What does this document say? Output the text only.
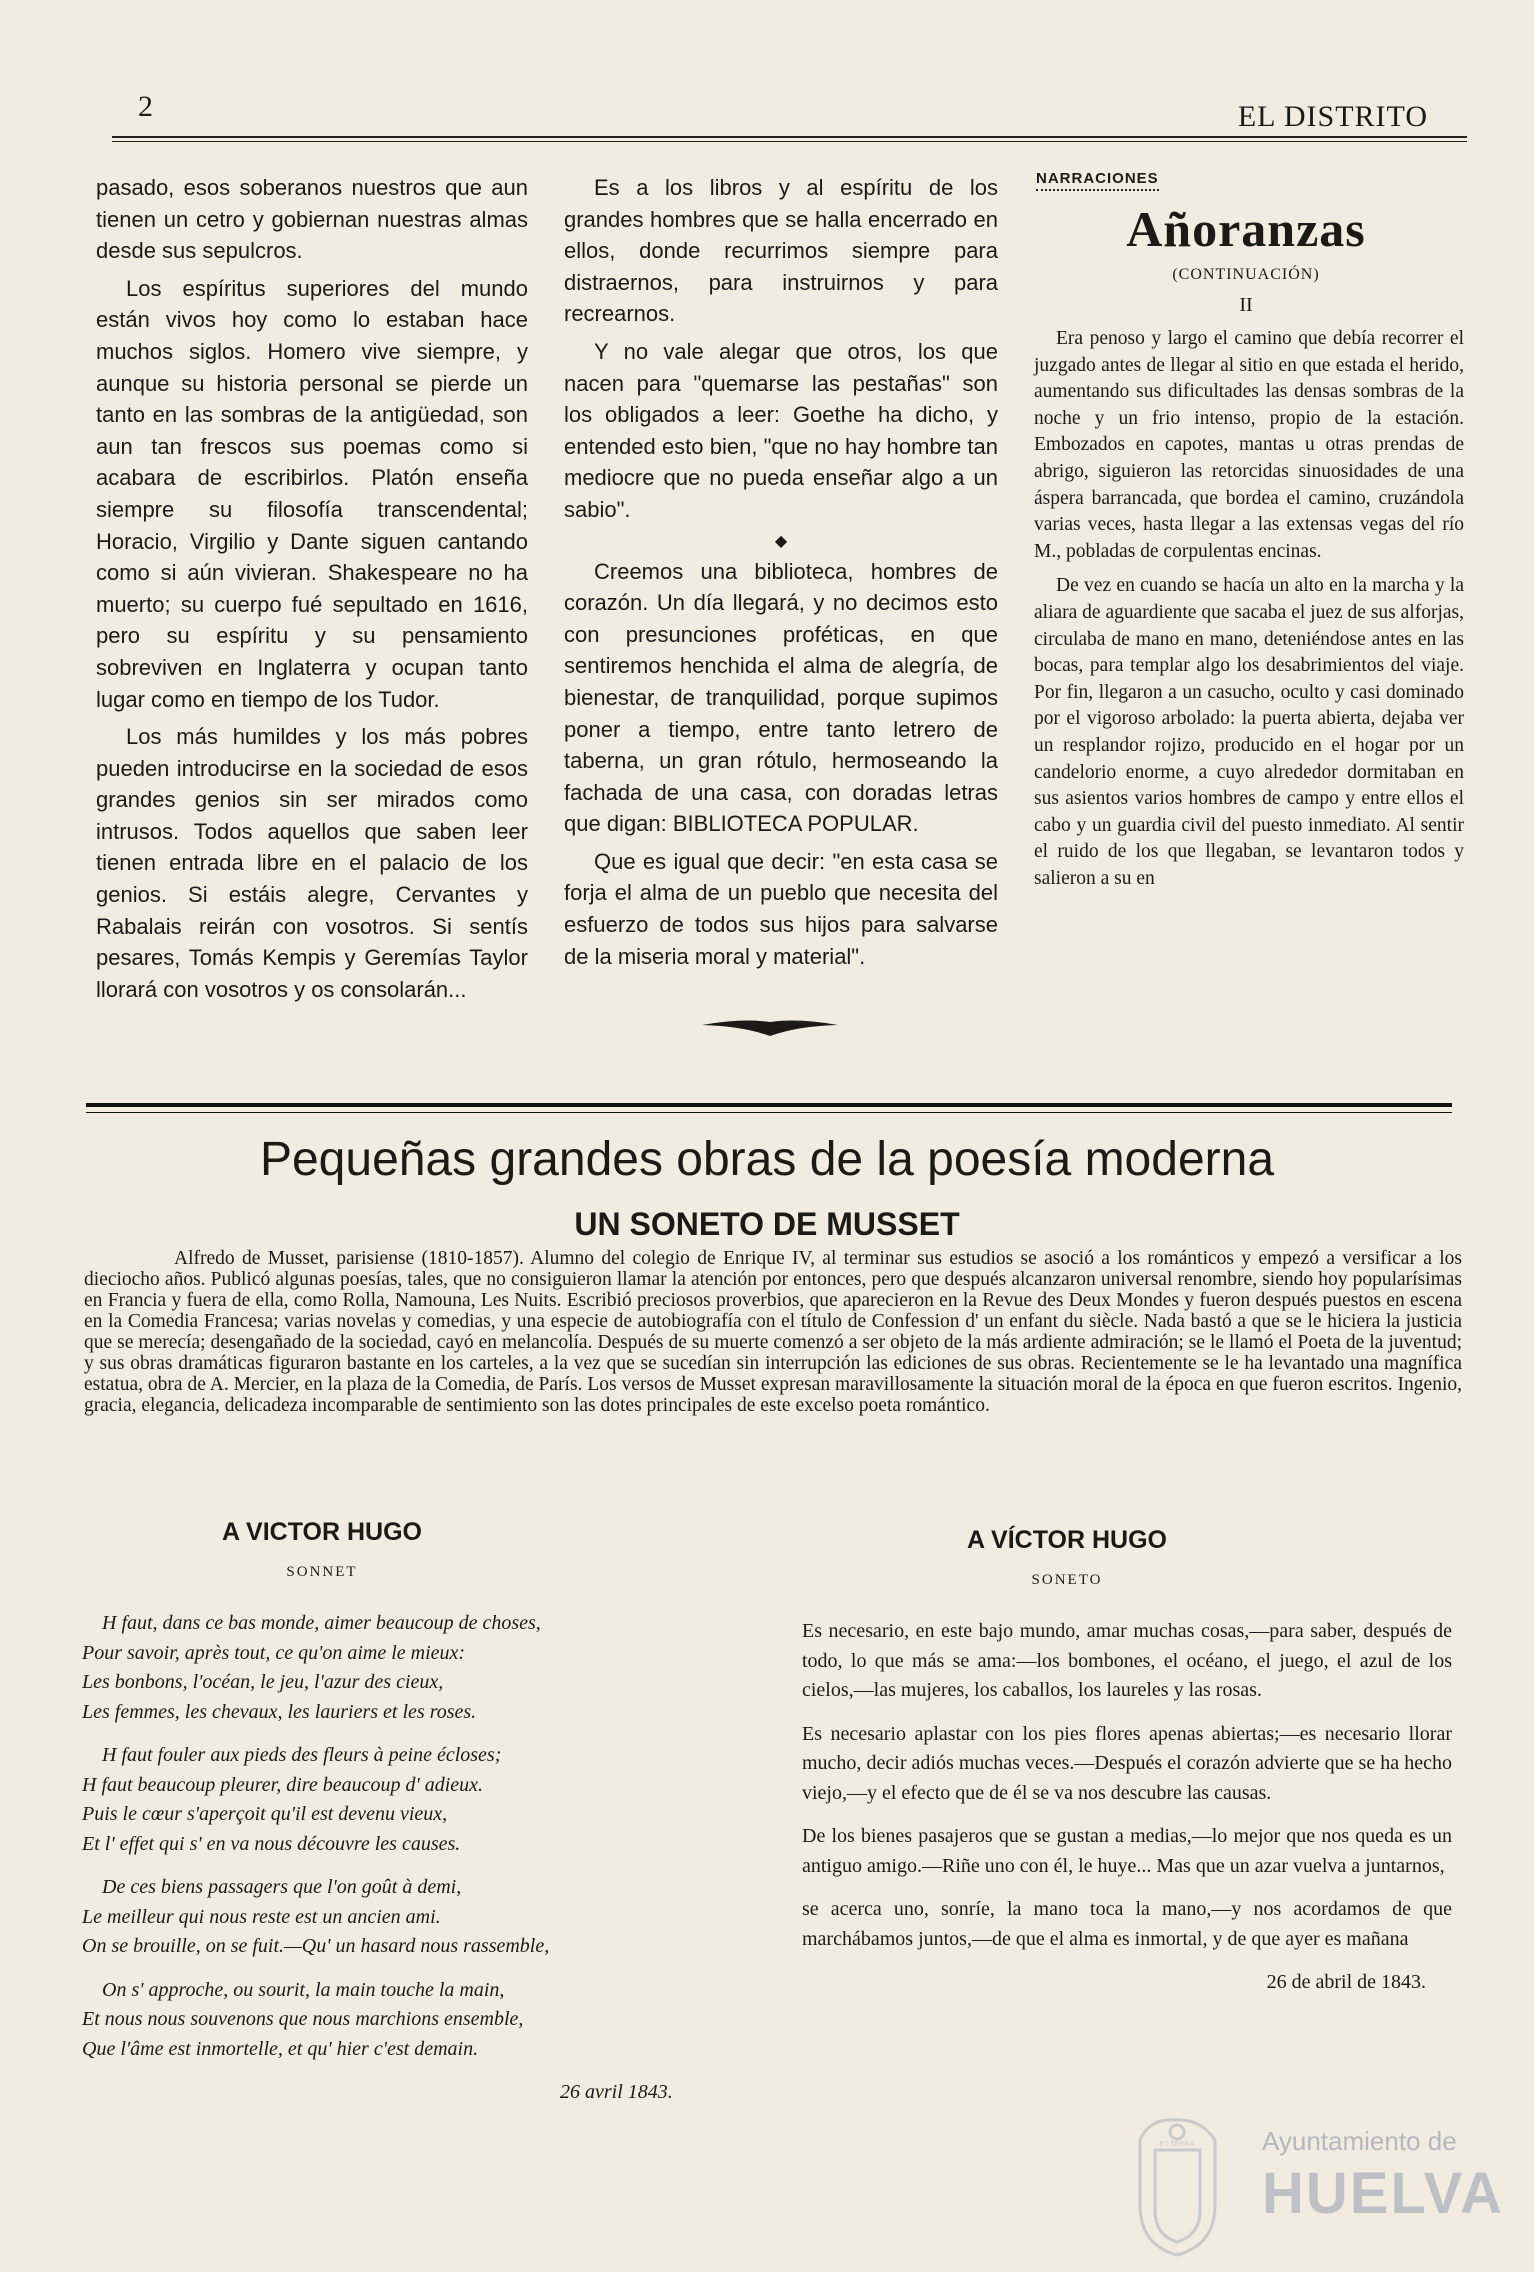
2	EL DISTRITO

pasado, esos soberanos nuestros que aun tienen un cetro y gobiernan nuestras almas desde sus sepulcros.

Los espíritus superiores del mundo están vivos hoy como lo estaban hace muchos siglos. Homero vive siempre, y aunque su historia personal se pierde un tanto en las sombras de la antigüedad, son aun tan frescos sus poemas como si acabara de escribirlos. Platón enseña siempre su filosofía transcendental; Horacio, Virgilio y Dante siguen cantando como si aún vivieran. Shakespeare no ha muerto; su cuerpo fué sepultado en 1616, pero su espíritu y su pensamiento sobreviven en Inglaterra y ocupan tanto lugar como en tiempo de los Tudor.

Los más humildes y los más pobres pueden introducirse en la sociedad de esos grandes genios sin ser mirados como intrusos. Todos aquellos que saben leer tienen entrada libre en el palacio de los genios. Si estáis alegre, Cervantes y Rabalais reirán con vosotros. Si sentís pesares, Tomás Kempis y Geremías Taylor llorará con vosotros y os consolarán...

Es a los libros y al espíritu de los grandes hombres que se halla encerrado en ellos, donde recurrimos siempre para distraernos, para instruirnos y para recrearnos.

Y no vale alegar que otros, los que nacen para "quemarse las pestañas" son los obligados a leer: Goethe ha dicho, y entended esto bien, "que no hay hombre tan mediocre que no pueda enseñar algo a un sabio".

◆

Creemos una biblioteca, hombres de corazón. Un día llegará, y no decimos esto con presunciones proféticas, en que sentiremos henchida el alma de alegría, de bienestar, de tranquilidad, porque supimos poner a tiempo, entre tanto letrero de taberna, un gran rótulo, hermoseando la fachada de una casa, con doradas letras que digan: BIBLIOTECA POPULAR.

Que es igual que decir: "en esta casa se forja el alma de un pueblo que necesita del esfuerzo de todos sus hijos para salvarse de la miseria moral y material".

NARRACIONES
Añoranzas
(CONTINUACIÓN)
II

Era penoso y largo el camino que debía recorrer el juzgado antes de llegar al sitio en que estada el herido, aumentando sus dificultades las densas sombras de la noche y un frio intenso, propio de la estación. Embozados en capotes, mantas u otras prendas de abrigo, siguieron las retorcidas sinuosidades de una áspera barrancada, que bordea el camino, cruzándola varias veces, hasta llegar a las extensas vegas del río M., pobladas de corpulentas encinas.

De vez en cuando se hacía un alto en la marcha y la aliara de aguardiente que sacaba el juez de sus alforjas, circulaba de mano en mano, deteniéndose antes en las bocas, para templar algo los desabrimientos del viaje. Por fin, llegaron a un casucho, oculto y casi dominado por el vigoroso arbolado: la puerta abierta, dejaba ver un resplandor rojizo, producido en el hogar por un candelorio enorme, a cuyo alrededor dormitaban en sus asientos varios hombres de campo y entre ellos el cabo y un guardia civil del puesto inmediato. Al sentir el ruido de los que llegaban, se levantaron todos y salieron a su en

Pequeñas grandes obras de la poesía moderna
UN SONETO DE MUSSET
Alfredo de Musset, parisiense (1810-1857). Alumno del colegio de Enrique IV, al terminar sus estudios se asoció a los románticos y empezó a versificar a los dieciocho años. Publicó algunas poesías, tales, que no consiguieron llamar la atención por entonces, pero que después alcanzaron universal renombre, siendo hoy popularísimas en Francia y fuera de ella, como Rolla, Namouna, Les Nuits. Escribió preciosos proverbios, que aparecieron en la Revue des Deux Mondes y fueron después puestos en escena en la Comedia Francesa; varias novelas y comedias, y una especie de autobiografía con el título de Confession d' un enfant du siècle. Nada bastó a que se le hiciera la justicia que se merecía; desengañado de la sociedad, cayó en melancolía. Después de su muerte comenzó a ser objeto de la más ardiente admiración; se le llamó el Poeta de la juventud; y sus obras dramáticas figuraron bastante en los carteles, a la vez que se sucedían sin interrupción las ediciones de sus obras. Recientemente se le ha levantado una magnífica estatua, obra de A. Mercier, en la plaza de la Comedia, de París. Los versos de Musset expresan maravillosamente la situación moral de la época en que fueron escritos. Ingenio, gracia, elegancia, delicadeza incomparable de sentimiento son las dotes principales de este excelso poeta romántico.
A VICTOR HUGO
SONNET
H faut, dans ce bas monde, aimer beaucoup de choses,
Pour savoir, après tout, ce qu'on aime le mieux:
Les bonbons, l'océan, le jeu, l'azur des cieux,
Les femmes, les chevaux, les lauriers et les roses.
H faut fouler aux pieds des fleurs à peine écloses;
H faut beaucoup pleurer, dire beaucoup d' adieux.
Puis le cœur s'aperçoit qu'il est devenu vieux,
Et l' effet qui s' en va nous découvre les causes.
De ces biens passagers que l'on goût à demi,
Le meilleur qui nous reste est un ancien ami.
On se brouille, on se fuit.—Qu' un hasard nous rassemble,
On s' approche, ou sourit, la main touche la main,
Et nous nous souvenons que nous marchions ensemble,
Que l'âme est inmortelle, et qu' hier c'est demain.
26 avril 1843.
A VÍCTOR HUGO
SONETO

Es necesario, en este bajo mundo, amar muchas cosas,—para saber, después de todo, lo que más se ama:—los bombones, el océano, el juego, el azul de los cielos,—las mujeres, los caballos, los laureles y las rosas.

Es necesario aplastar con los pies flores apenas abiertas;—es necesario llorar mucho, decir adiós muchas veces.—Después el corazón advierte que se ha hecho viejo,—y el efecto que de él se va nos descubre las causas.

De los bienes pasajeros que se gustan a medias,—lo mejor que nos queda es un antiguo amigo.—Riñe uno con él, le huye... Mas que un azar vuelva a juntarnos,

se acerca uno, sonríe, la mano toca la mano,—y nos acordamos de que marchábamos juntos,—de que el alma es inmortal, y de que ayer es mañana

26 de abril de 1843.
ET TERRA	Ayuntamiento de
HUELVA
